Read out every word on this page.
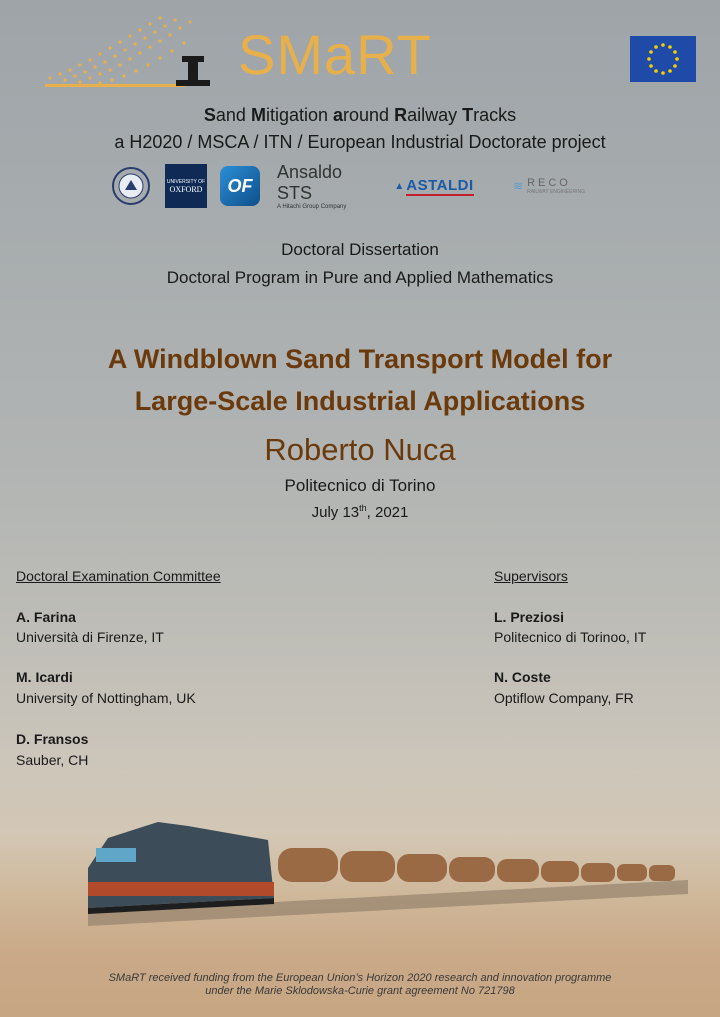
SMaRT
Sand Mitigation around Railway Tracks
a H2020 / MSCA / ITN / European Industrial Doctorate project
UNIVERSITY OF
OXFORD	OF
Ansaldo STS
A Hitachi Group Company
▲ ASTALDI	≋ RECO
RAILWAY ENGINEERING
Doctoral Dissertation
Doctoral Program in Pure and Applied Mathematics
A Windblown Sand Transport Model for
Large-Scale Industrial Applications
Roberto Nuca
Politecnico di Torino
July 13th, 2021
Doctoral Examination Committee
A. Farina
Università di Firenze, IT
M. Icardi
University of Nottingham, UK
D. Fransos
Sauber, CH
Supervisors
L. Preziosi
Politecnico di Torinoo, IT
N. Coste
Optiflow Company, FR
SMaRT received funding from the European Union’s Horizon 2020 research and innovation programme
under the Marie Sklodowska-Curie grant agreement No 721798
